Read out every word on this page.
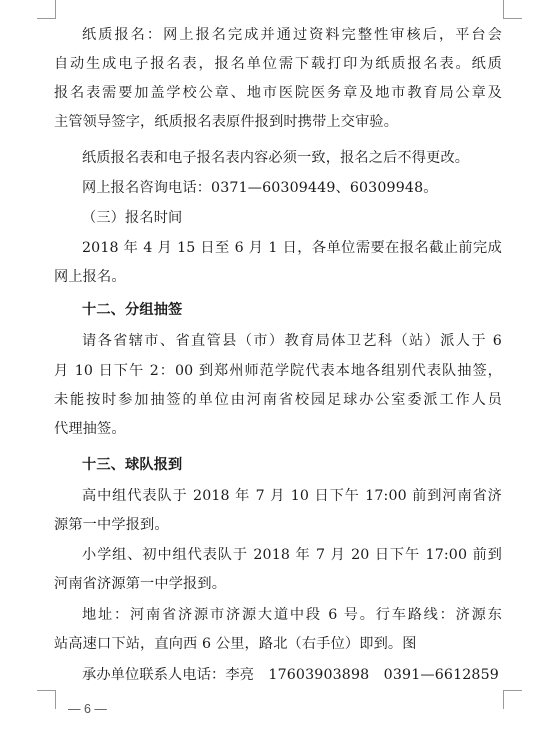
纸质报名：网上报名完成并通过资料完整性审核后，平台会
自动生成电子报名表，报名单位需下载打印为纸质报名表。纸质
报名表需要加盖学校公章、地市医院医务章及地市教育局公章及
主管领导签字，纸质报名表原件报到时携带上交审验。
纸质报名表和电子报名表内容必须一致，报名之后不得更改。
网上报名咨询电话：0371—60309449、60309948。
（三）报名时间
2018 年 4 月 15 日至 6 月 1 日，各单位需要在报名截止前完成
网上报名。
十二、分组抽签
请各省辖市、省直管县（市）教育局体卫艺科（站）派人于 6
月 10 日下午 2：00 到郑州师范学院代表本地各组别代表队抽签，
未能按时参加抽签的单位由河南省校园足球办公室委派工作人员
代理抽签。
十三、球队报到
高中组代表队于 2018 年 7 月 10 日下午 17:00 前到河南省济
源第一中学报到。
小学组、初中组代表队于 2018 年 7 月 20 日下午 17:00 前到
河南省济源第一中学报到。
地址：河南省济源市济源大道中段 6 号。行车路线：济源东
站高速口下站，直向西 6 公里，路北（右手位）即到。图
承办单位联系人电话：李亮　17603903898　0391—6612859
— 6 —
